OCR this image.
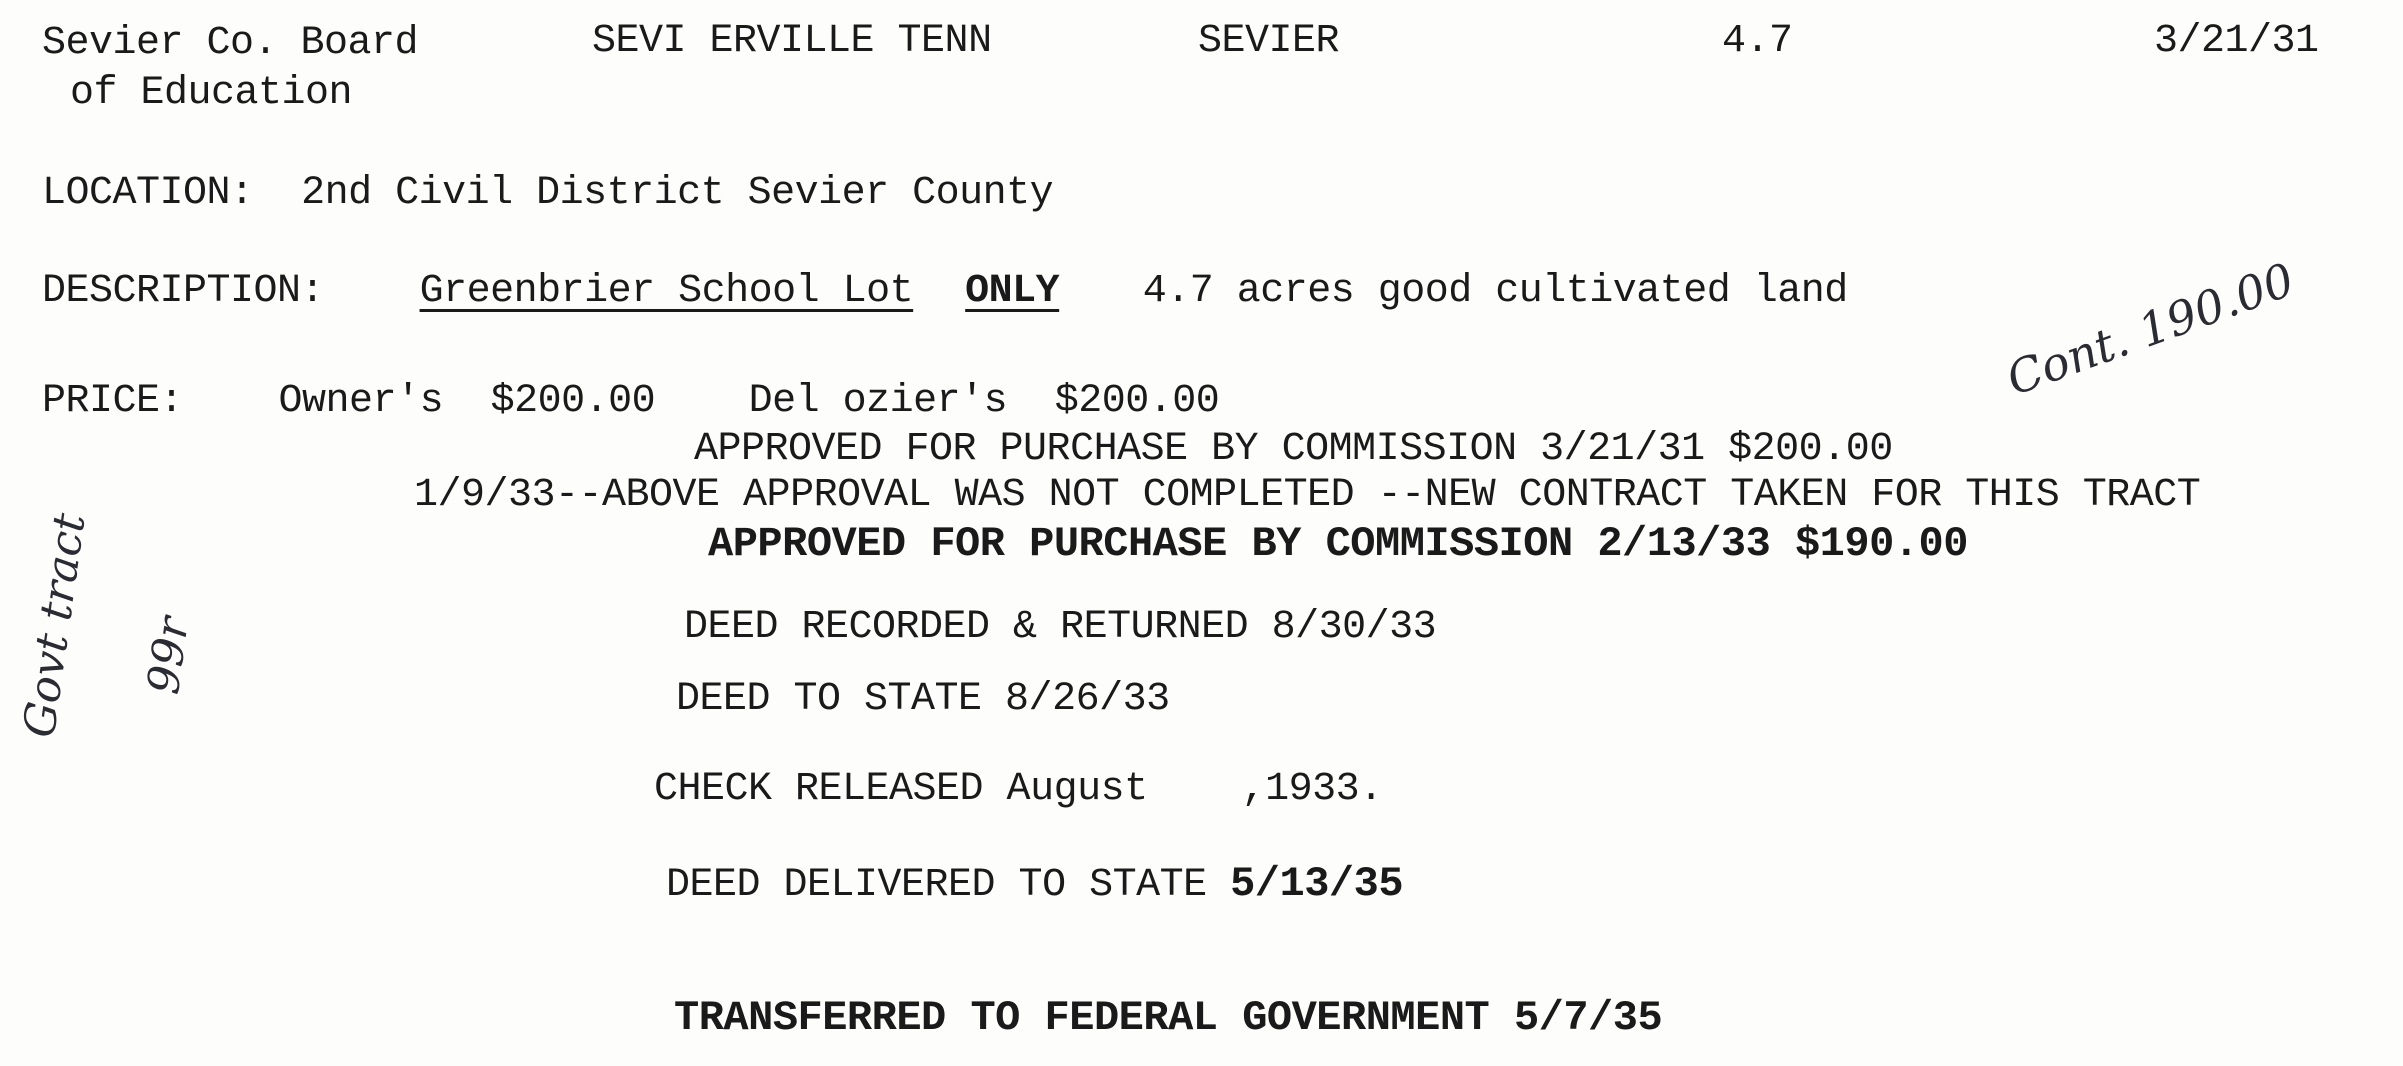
Sevier Co. Board
of Education
SEVI ERVILLE TENN	SEVIER	4.7	3/21/31
LOCATION: 2nd Civil District Sevier County
DESCRIPTION: Greenbrier School Lot ONLY 4.7 acres good cultivated land
PRICE: Owner's $200.00 Del ozier's $200.00
APPROVED FOR PURCHASE BY COMMISSION 3/21/31 $200.00
1/9/33--ABOVE APPROVAL WAS NOT COMPLETED --NEW CONTRACT TAKEN FOR THIS TRACT
APPROVED FOR PURCHASE BY COMMISSION 2/13/33 $190.00
DEED RECORDED & RETURNED 8/30/33
DEED TO STATE 8/26/33
CHECK RELEASED August    ,1933.
DEED DELIVERED TO STATE 5/13/35
TRANSFERRED TO FEDERAL GOVERNMENT 5/7/35
Cont. 190.00
Govt tract 99r
